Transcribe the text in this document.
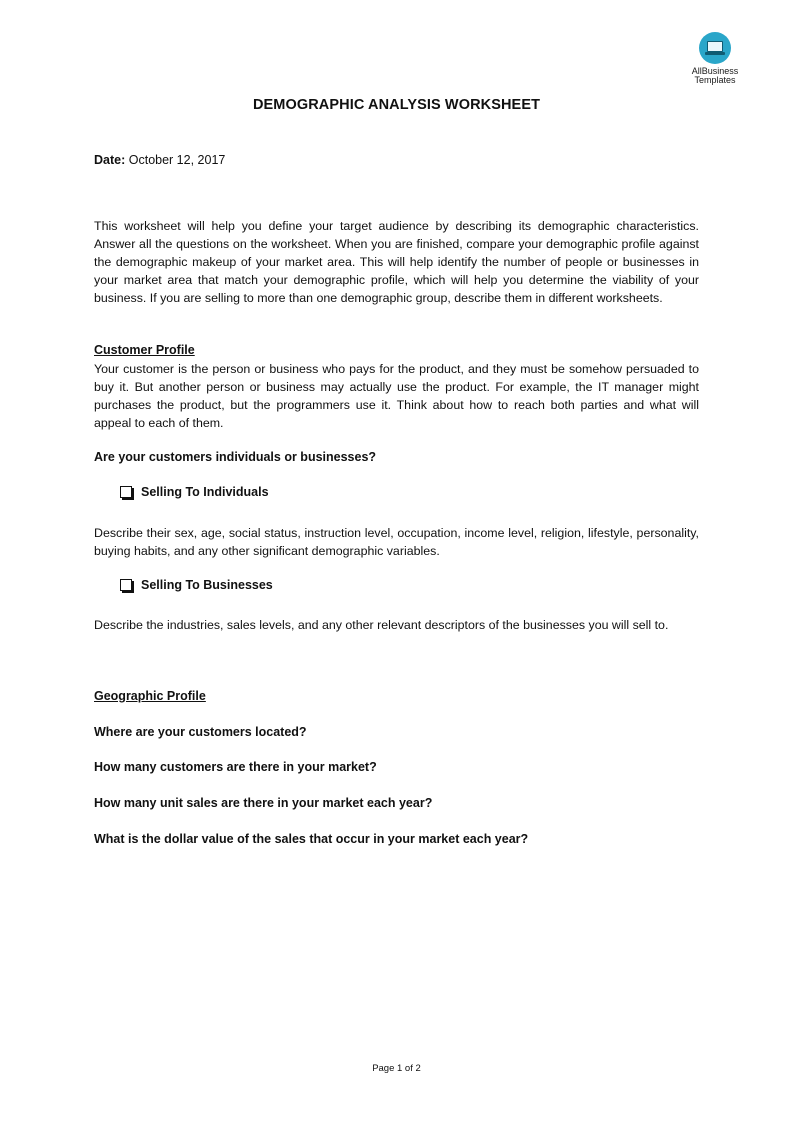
AllBusiness
Templates
DEMOGRAPHIC ANALYSIS WORKSHEET
Date: October 12, 2017
This worksheet will help you define your target audience by describing its demographic characteristics. Answer all the questions on the worksheet. When you are finished, compare your demographic profile against the demographic makeup of your market area. This will help identify the number of people or businesses in your market area that match your demographic profile, which will help you determine the viability of your business. If you are selling to more than one demographic group, describe them in different worksheets.
Customer Profile
Your customer is the person or business who pays for the product, and they must be somehow persuaded to buy it. But another person or business may actually use the product. For example, the IT manager might purchases the product, but the programmers use it. Think about how to reach both parties and what will appeal to each of them.
Are your customers individuals or businesses?
Selling To Individuals
Describe their sex, age, social status, instruction level, occupation, income level, religion, lifestyle, personality, buying habits, and any other significant demographic variables.
Selling To Businesses
Describe the industries, sales levels, and any other relevant descriptors of the businesses you will sell to.
Geographic Profile
Where are your customers located?
How many customers are there in your market?
How many unit sales are there in your market each year?
What is the dollar value of the sales that occur in your market each year?
Page 1 of 2
